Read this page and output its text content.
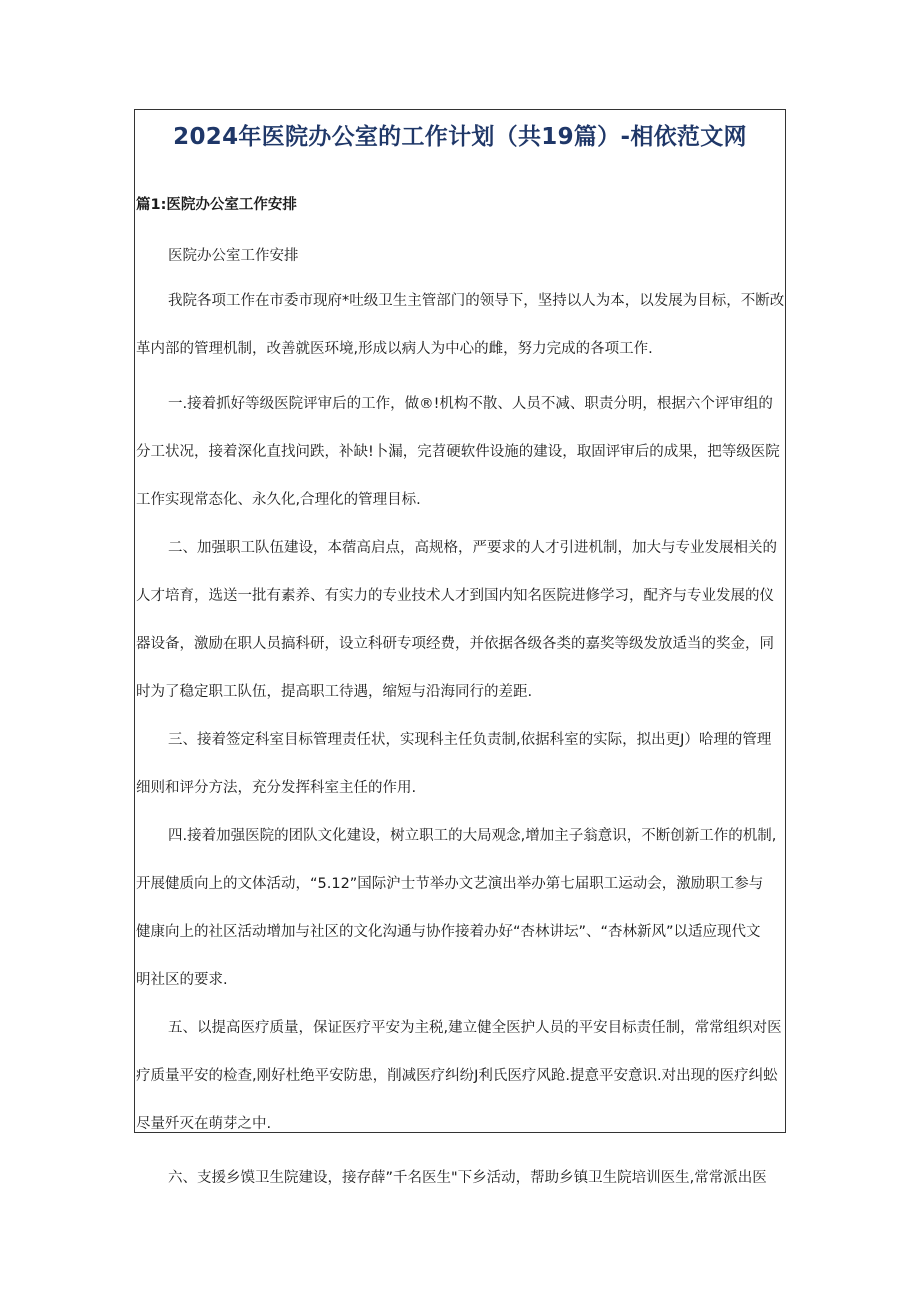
2024年医院办公室的工作计划（共19篇）-相依范文网
篇1:医院办公室工作安排
医院办公室工作安排
我院各项工作在市委市现府*吐级卫生主管部门的领导下，坚持以人为本，以发展为目标，不断改
革内部的管理机制，改善就医环境,形成以病人为中心的雌，努力完成的各项工作.
一.接着抓好等级医院评审后的工作，做®!机构不散、人员不减、职责分明，根据六个评审组的
分工状况，接着深化直找问跌，补缺!卜漏，完苕硬软件设施的建设，取固评审后的成果，把等级医院
工作实现常态化、永久化,合理化的管理目标.
二、加强职工队伍建设，本蓿高启点，高规格，严要求的人才引进机制，加大与专业发展相关的
人才培育，选送一批有素养、有实力的专业技术人才到国内知名医院进修学习，配齐与专业发展的仪
器设备，激励在职人员搞科研，设立科研专项经费，并依据各级各类的嘉奖等级发放适当的奖金，同
时为了稳定职工队伍，提高职工待遇，缩短与沿海同行的差距.
三、接着签定科室目标管理责任状，实现科主任负责制,依据科室的实际，拟出更J）哈理的管理
细则和评分方法，充分发挥科室主任的作用.
四.接着加强医院的团队文化建设，树立职工的大局观念,增加主子翁意识，不断创新工作的机制,
开展健质向上的文体活动，“5.12”国际沪士节举办文艺演出举办第七届职工运动会，激励职工参与
健康向上的社区活动增加与社区的文化沟通与协作接着办好“杏林讲坛”、“杏林新风”以适应现代文
明社区的要求.
五、以提高医疗质量，保证医疗平安为主税,建立健全医护人员的平安目标责任制，常常组织对医
疗质量平安的检查,刚好杜绝平安防患，削减医疗纠纷J利氏医疗风跄.提意平安意识.对出现的医疗纠蚣
尽量歼灭在萌芽之中.
六、支援乡馍卫生院建设，接存薛”千名医生"下乡活动，帮助乡镇卫生院培训医生,常常派出医
